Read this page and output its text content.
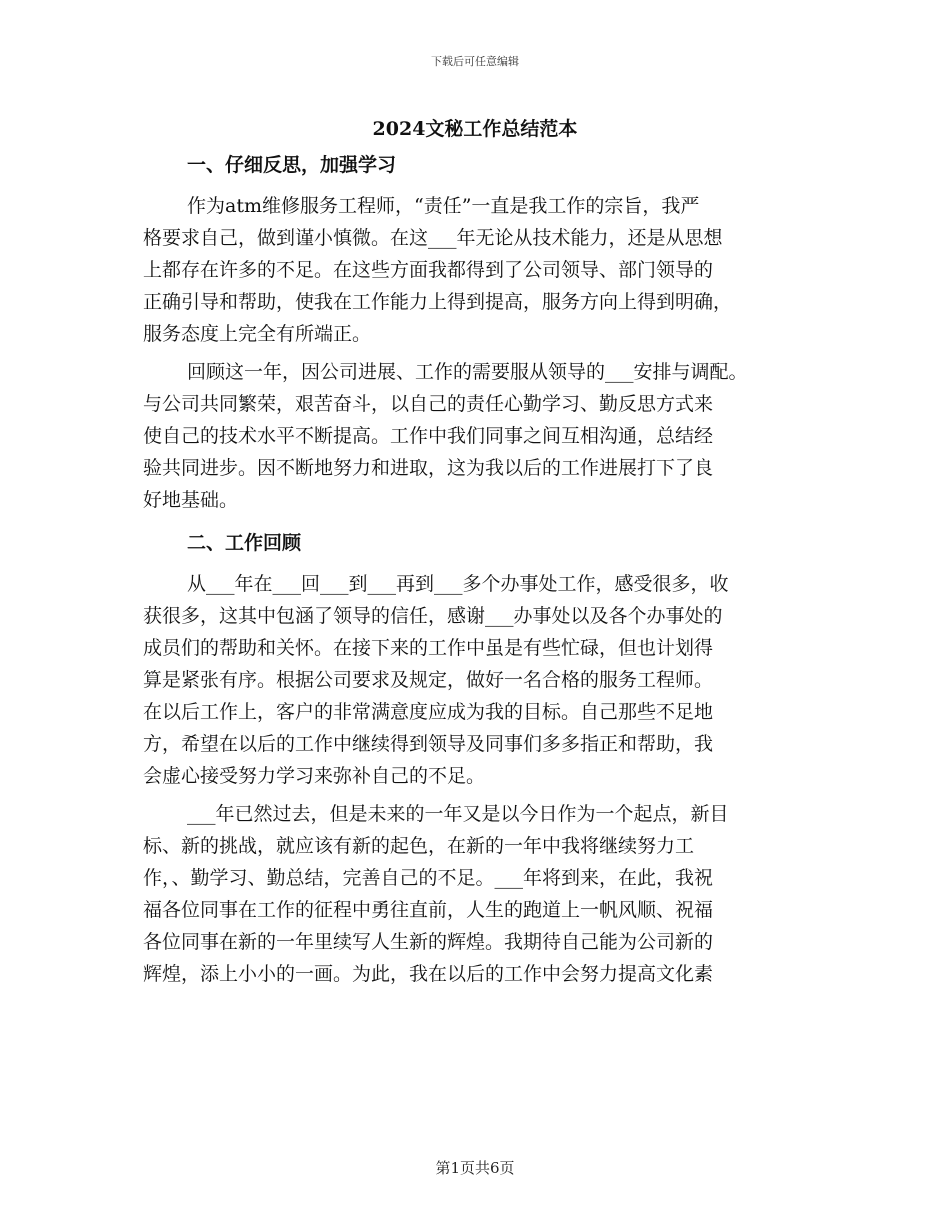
下载后可任意编辑
2024文秘工作总结范本
一、仔细反思，加强学习
作为atm维修服务工程师，“责任”一直是我工作的宗旨，我严
格要求自己，做到谨小慎微。在这___年无论从技术能力，还是从思想
上都存在许多的不足。在这些方面我都得到了公司领导、部门领导的
正确引导和帮助，使我在工作能力上得到提高，服务方向上得到明确，
服务态度上完全有所端正。
回顾这一年，因公司进展、工作的需要服从领导的___安排与调配。
与公司共同繁荣，艰苦奋斗，以自己的责任心勤学习、勤反思方式来
使自己的技术水平不断提高。工作中我们同事之间互相沟通，总结经
验共同进步。因不断地努力和进取，这为我以后的工作进展打下了良
好地基础。
二、工作回顾
从___年在___回___到___再到___多个办事处工作，感受很多，收
获很多，这其中包涵了领导的信任，感谢___办事处以及各个办事处的
成员们的帮助和关怀。在接下来的工作中虽是有些忙碌，但也计划得
算是紧张有序。根据公司要求及规定，做好一名合格的服务工程师。
在以后工作上，客户的非常满意度应成为我的目标。自己那些不足地
方，希望在以后的工作中继续得到领导及同事们多多指正和帮助，我
会虚心接受努力学习来弥补自己的不足。
___年已然过去，但是未来的一年又是以今日作为一个起点，新目
标、新的挑战，就应该有新的起色，在新的一年中我将继续努力工
作，、勤学习、勤总结，完善自己的不足。___年将到来，在此，我祝
福各位同事在工作的征程中勇往直前，人生的跑道上一帆风顺、祝福
各位同事在新的一年里续写人生新的辉煌。我期待自己能为公司新的
辉煌，添上小小的一画。为此，我在以后的工作中会努力提高文化素
第1页共6页
